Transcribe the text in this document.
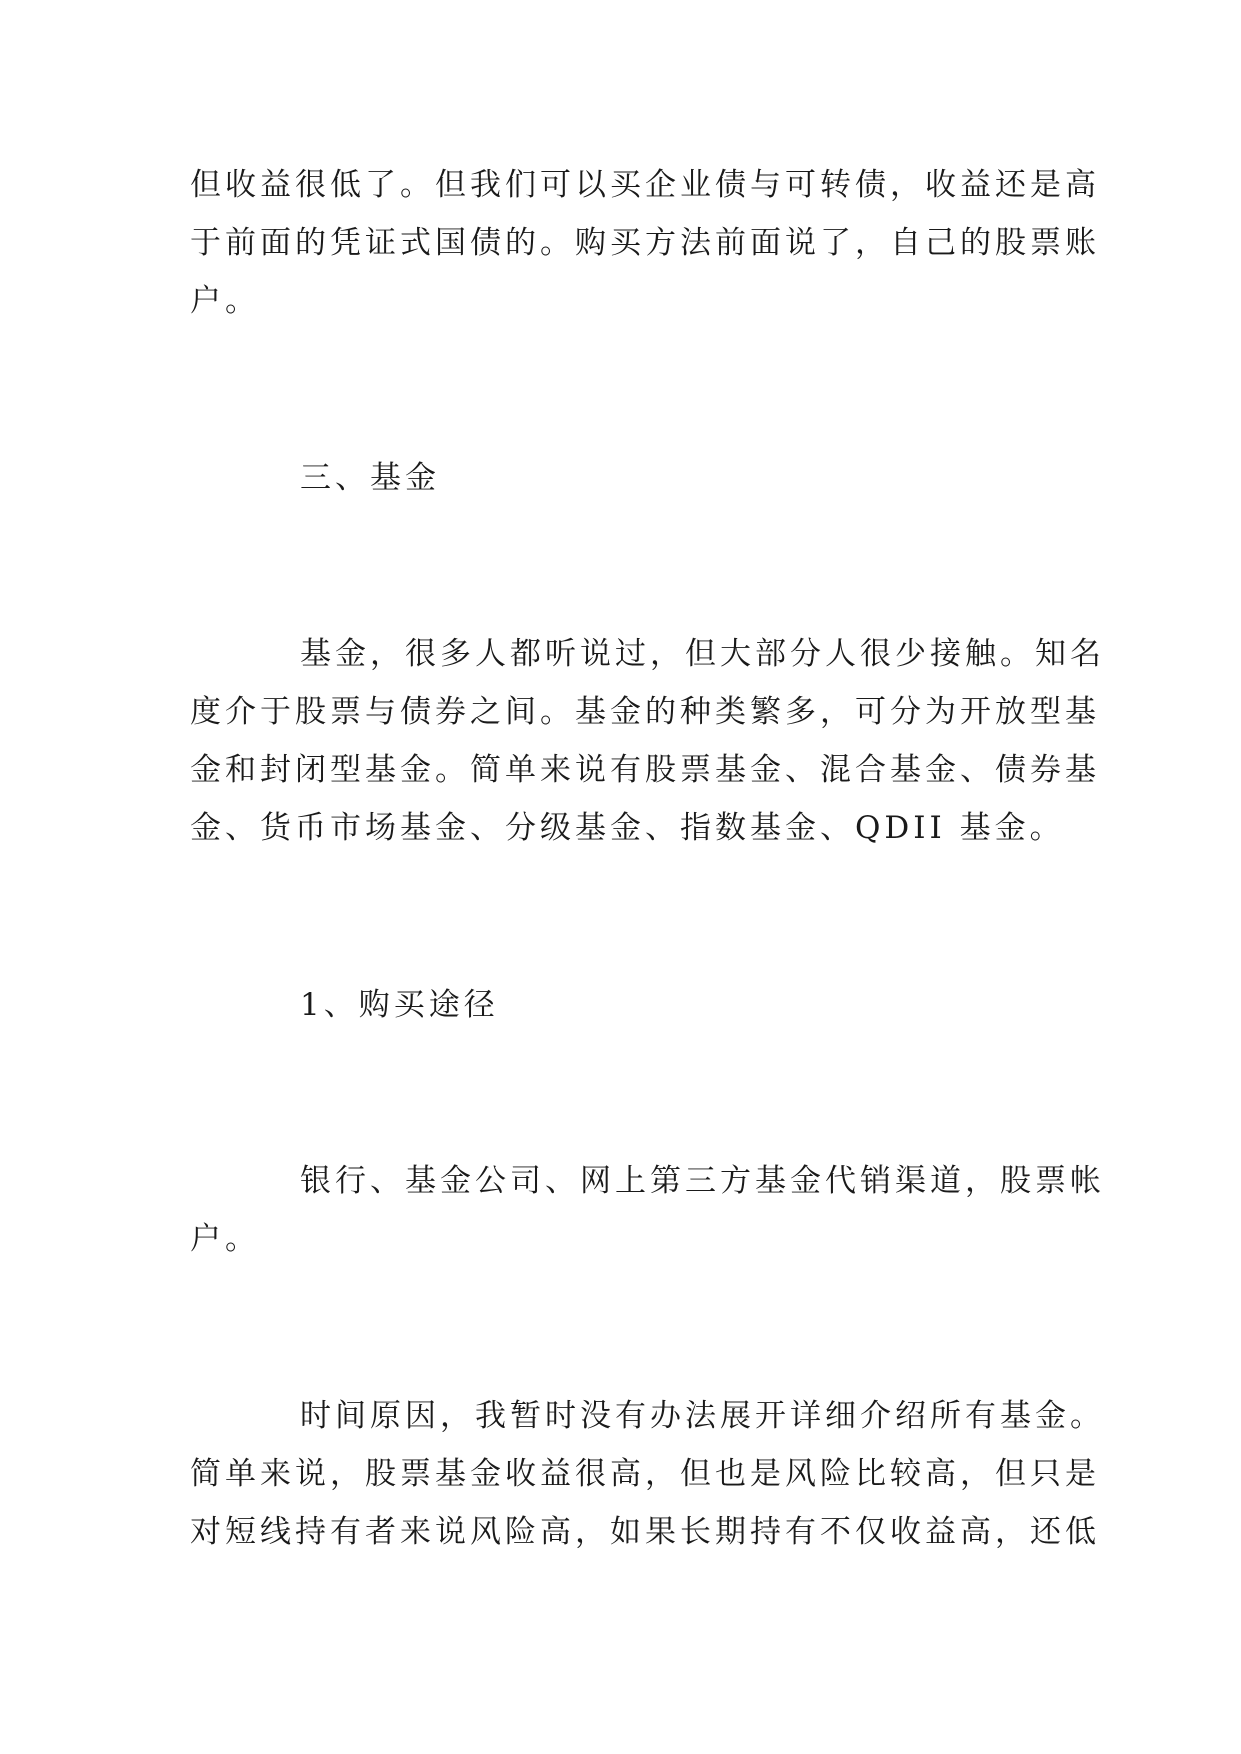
但收益很低了。但我们可以买企业债与可转债，收益还是高

于前面的凭证式国债的。购买方法前面说了，自己的股票账

户。

三、基金

基金，很多人都听说过，但大部分人很少接触。知名

度介于股票与债券之间。基金的种类繁多，可分为开放型基

金和封闭型基金。简单来说有股票基金、混合基金、债券基

金、货币市场基金、分级基金、指数基金、QDII 基金。

1、购买途径

银行、基金公司、网上第三方基金代销渠道，股票帐

户。

时间原因，我暂时没有办法展开详细介绍所有基金。

简单来说，股票基金收益很高，但也是风险比较高，但只是

对短线持有者来说风险高，如果长期持有不仅收益高，还低
